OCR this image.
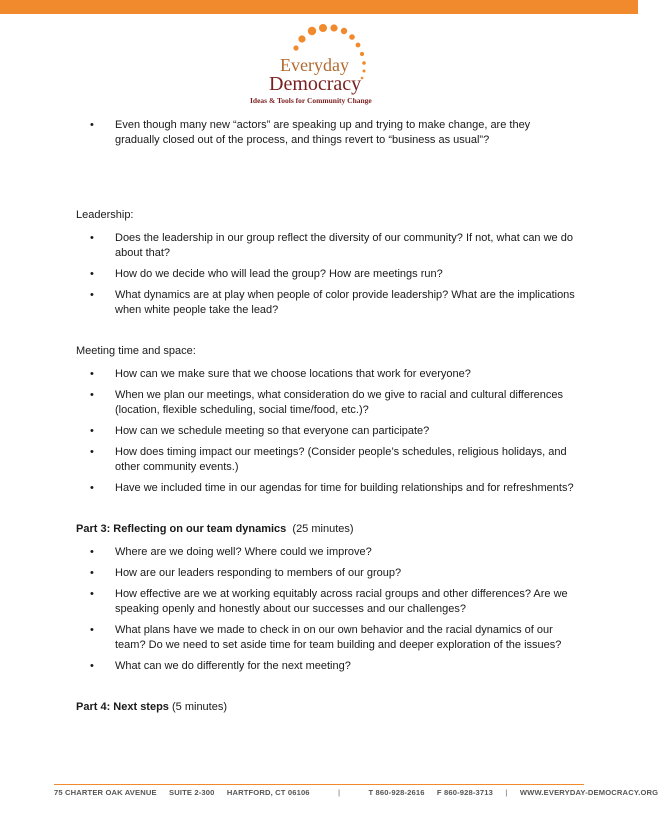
Everyday
Democracy
Ideas & Tools for Community Change
• Even though many new “actors” are speaking up and trying to make change, are they gradually closed out of the process, and things revert to “business as usual”?
Leadership:
• Does the leadership in our group reflect the diversity of our community? If not, what can we do about that?
• How do we decide who will lead the group? How are meetings run?
• What dynamics are at play when people of color provide leadership? What are the implications when white people take the lead?
Meeting time and space:
• How can we make sure that we choose locations that work for everyone?
• When we plan our meetings, what consideration do we give to racial and cultural differences (location, flexible scheduling, social time/food, etc.)?
• How can we schedule meeting so that everyone can participate?
• How does timing impact our meetings? (Consider people’s schedules, religious holidays, and other community events.)
• Have we included time in our agendas for time for building relationships and for refreshments?
Part 3: Reflecting on our team dynamics (25 minutes)
• Where are we doing well? Where could we improve?
• How are our leaders responding to members of our group?
• How effective are we at working equitably across racial groups and other differences? Are we speaking openly and honestly about our successes and our challenges?
• What plans have we made to check in on our own behavior and the racial dynamics of our team? Do we need to set aside time for team building and deeper exploration of the issues?
• What can we do differently for the next meeting?
Part 4: Next steps (5 minutes)
75 CHARTER OAK AVENUE SUITE 2-300 HARTFORD, CT 06106	|	T 860-928-2616 F 860-928-3713 | WWW.EVERYDAY-DEMOCRACY.ORG
